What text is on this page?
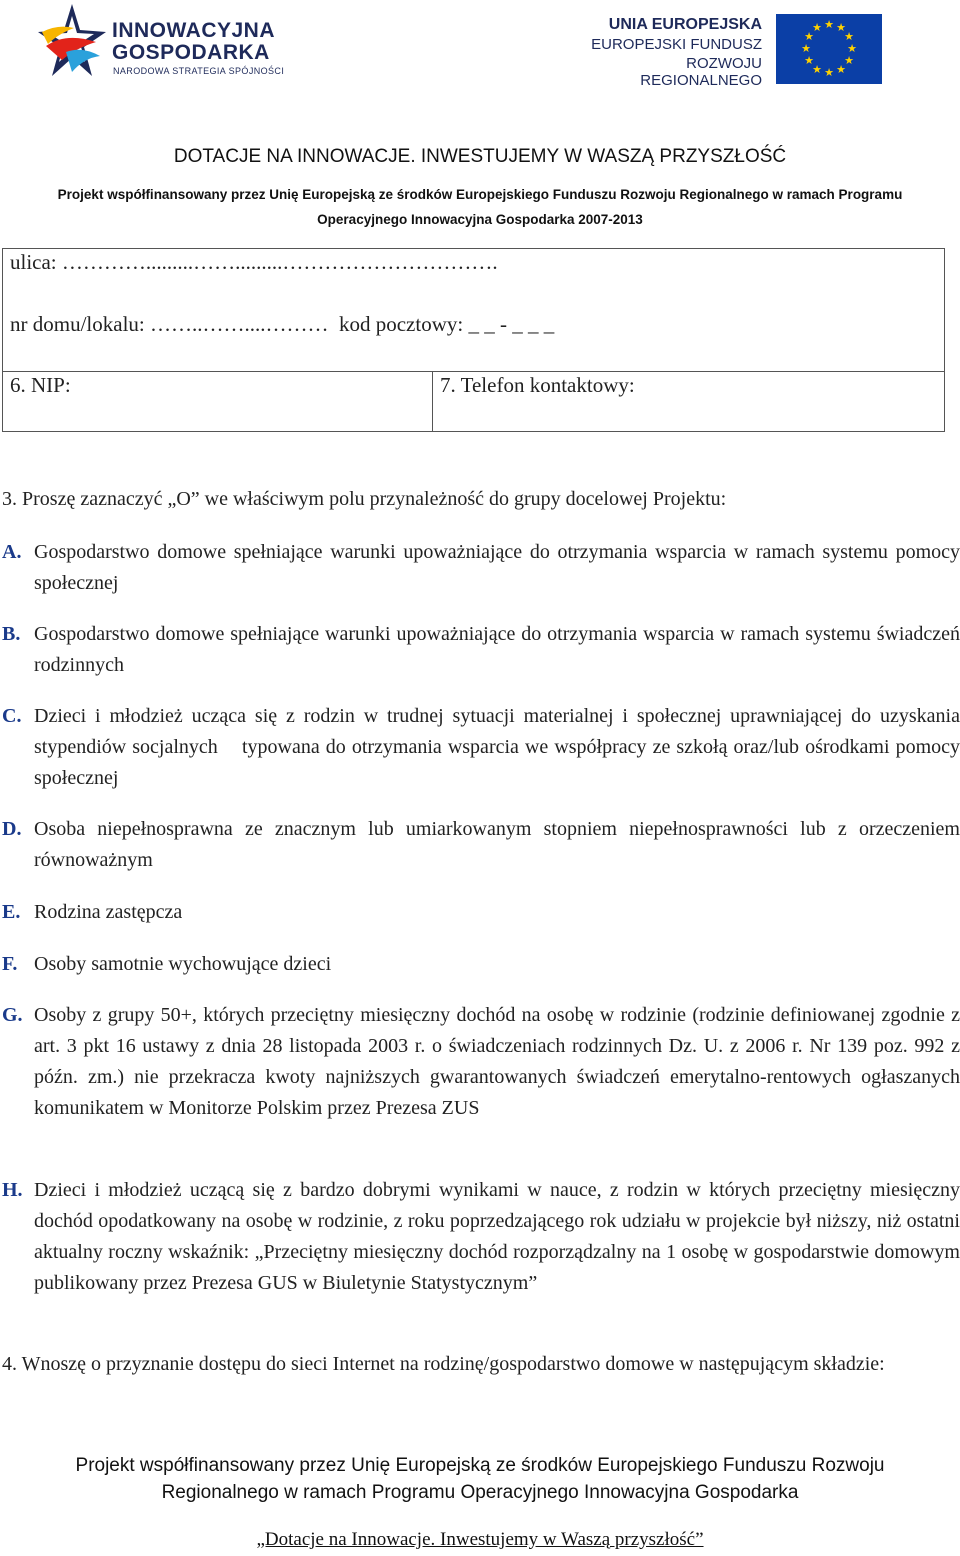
INNOWACYJNA
GOSPODARKA
NARODOWA STRATEGIA SPÓJNOŚCI
UNIA EUROPEJSKA
EUROPEJSKI FUNDUSZ
ROZWOJU REGIONALNEGO
★ ★
★
★
★
★
★
★
★
★
★
★
DOTACJE NA INNOWACJE. INWESTUJEMY W WASZĄ PRZYSZŁOŚĆ
Projekt współfinansowany przez Unię Europejską ze środków Europejskiego Funduszu Rozwoju Regionalnego w ramach Programu
Operacyjnego Innowacyjna Gospodarka 2007-2013
ulica: ………….........…….........………………………….
nr domu/lokalu: ……..……....………  kod pocztowy: _ _ - _ _ _
6. NIP:	7. Telefon kontaktowy:
3. Proszę zaznaczyć „O” we właściwym polu przynależność do grupy docelowej Projektu:
A. Gospodarstwo domowe spełniające warunki upoważniające do otrzymania wsparcia w ramach systemu pomocy społecznej
B. Gospodarstwo domowe spełniające warunki upoważniające do otrzymania wsparcia w ramach systemu świadczeń rodzinnych
C. Dzieci i młodzież ucząca się z rodzin w trudnej sytuacji materialnej i społecznej uprawniającej do uzyskania stypendiów socjalnych    typowana do otrzymania wsparcia we współpracy ze szkołą oraz/lub ośrodkami pomocy społecznej
D. Osoba niepełnosprawna ze znacznym lub umiarkowanym stopniem niepełnosprawności lub z orzeczeniem równoważnym
E. Rodzina zastępcza
F. Osoby samotnie wychowujące dzieci
G. Osoby z grupy 50+, których przeciętny miesięczny dochód na osobę w rodzinie (rodzinie definiowanej zgodnie z art. 3 pkt 16 ustawy z dnia 28 listopada 2003 r. o świadczeniach rodzinnych Dz. U. z 2006 r. Nr 139 poz. 992 z późn. zm.) nie przekracza kwoty najniższych gwarantowanych świadczeń emerytalno-rentowych ogłaszanych komunikatem w Monitorze Polskim przez Prezesa ZUS
H. Dzieci i młodzież uczącą się z bardzo dobrymi wynikami w nauce, z rodzin w których przeciętny miesięczny dochód opodatkowany na osobę w rodzinie, z roku poprzedzającego rok udziału w projekcie był niższy, niż ostatni aktualny roczny wskaźnik: „Przeciętny miesięczny dochód rozporządzalny na 1 osobę w gospodarstwie domowym publikowany przez Prezesa GUS w Biuletynie Statystycznym”
4. Wnoszę o przyznanie dostępu do sieci Internet na rodzinę/gospodarstwo domowe w następującym składzie:
Projekt współfinansowany przez Unię Europejską ze środków Europejskiego Funduszu Rozwoju
Regionalnego w ramach Programu Operacyjnego Innowacyjna Gospodarka
„Dotacje na Innowacje. Inwestujemy w Waszą przyszłość”
